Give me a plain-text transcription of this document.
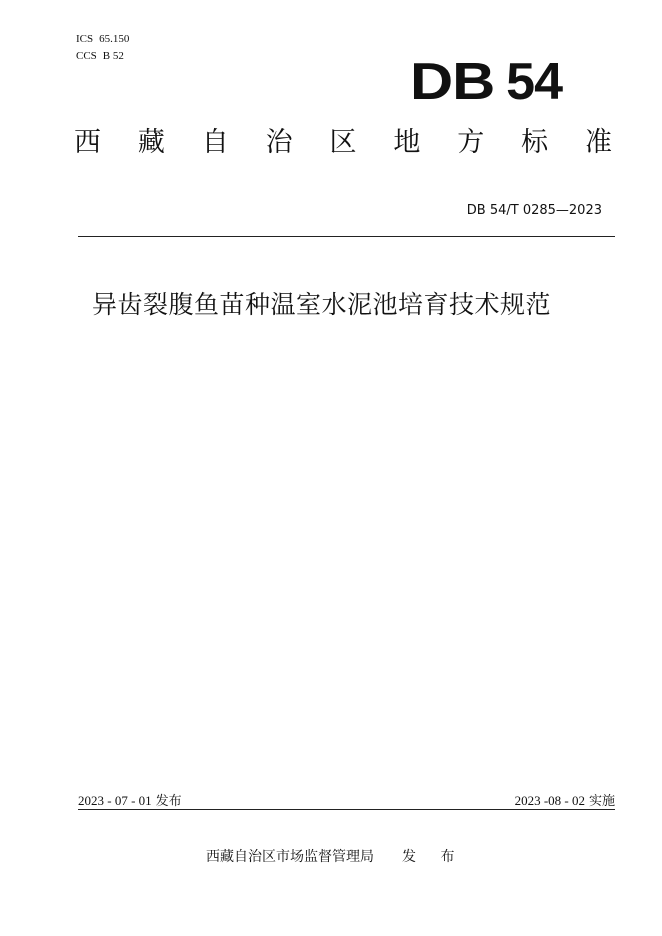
ICS 65.150
CCS B 52	DB 54
西 藏 自 治 区 地 方 标 准
DB 54/T 0285—2023
异齿裂腹鱼苗种温室水泥池培育技术规范
2023 - 07 - 01 发布	2023 -08 - 02 实施
西藏自治区市场监督管理局 发 布
